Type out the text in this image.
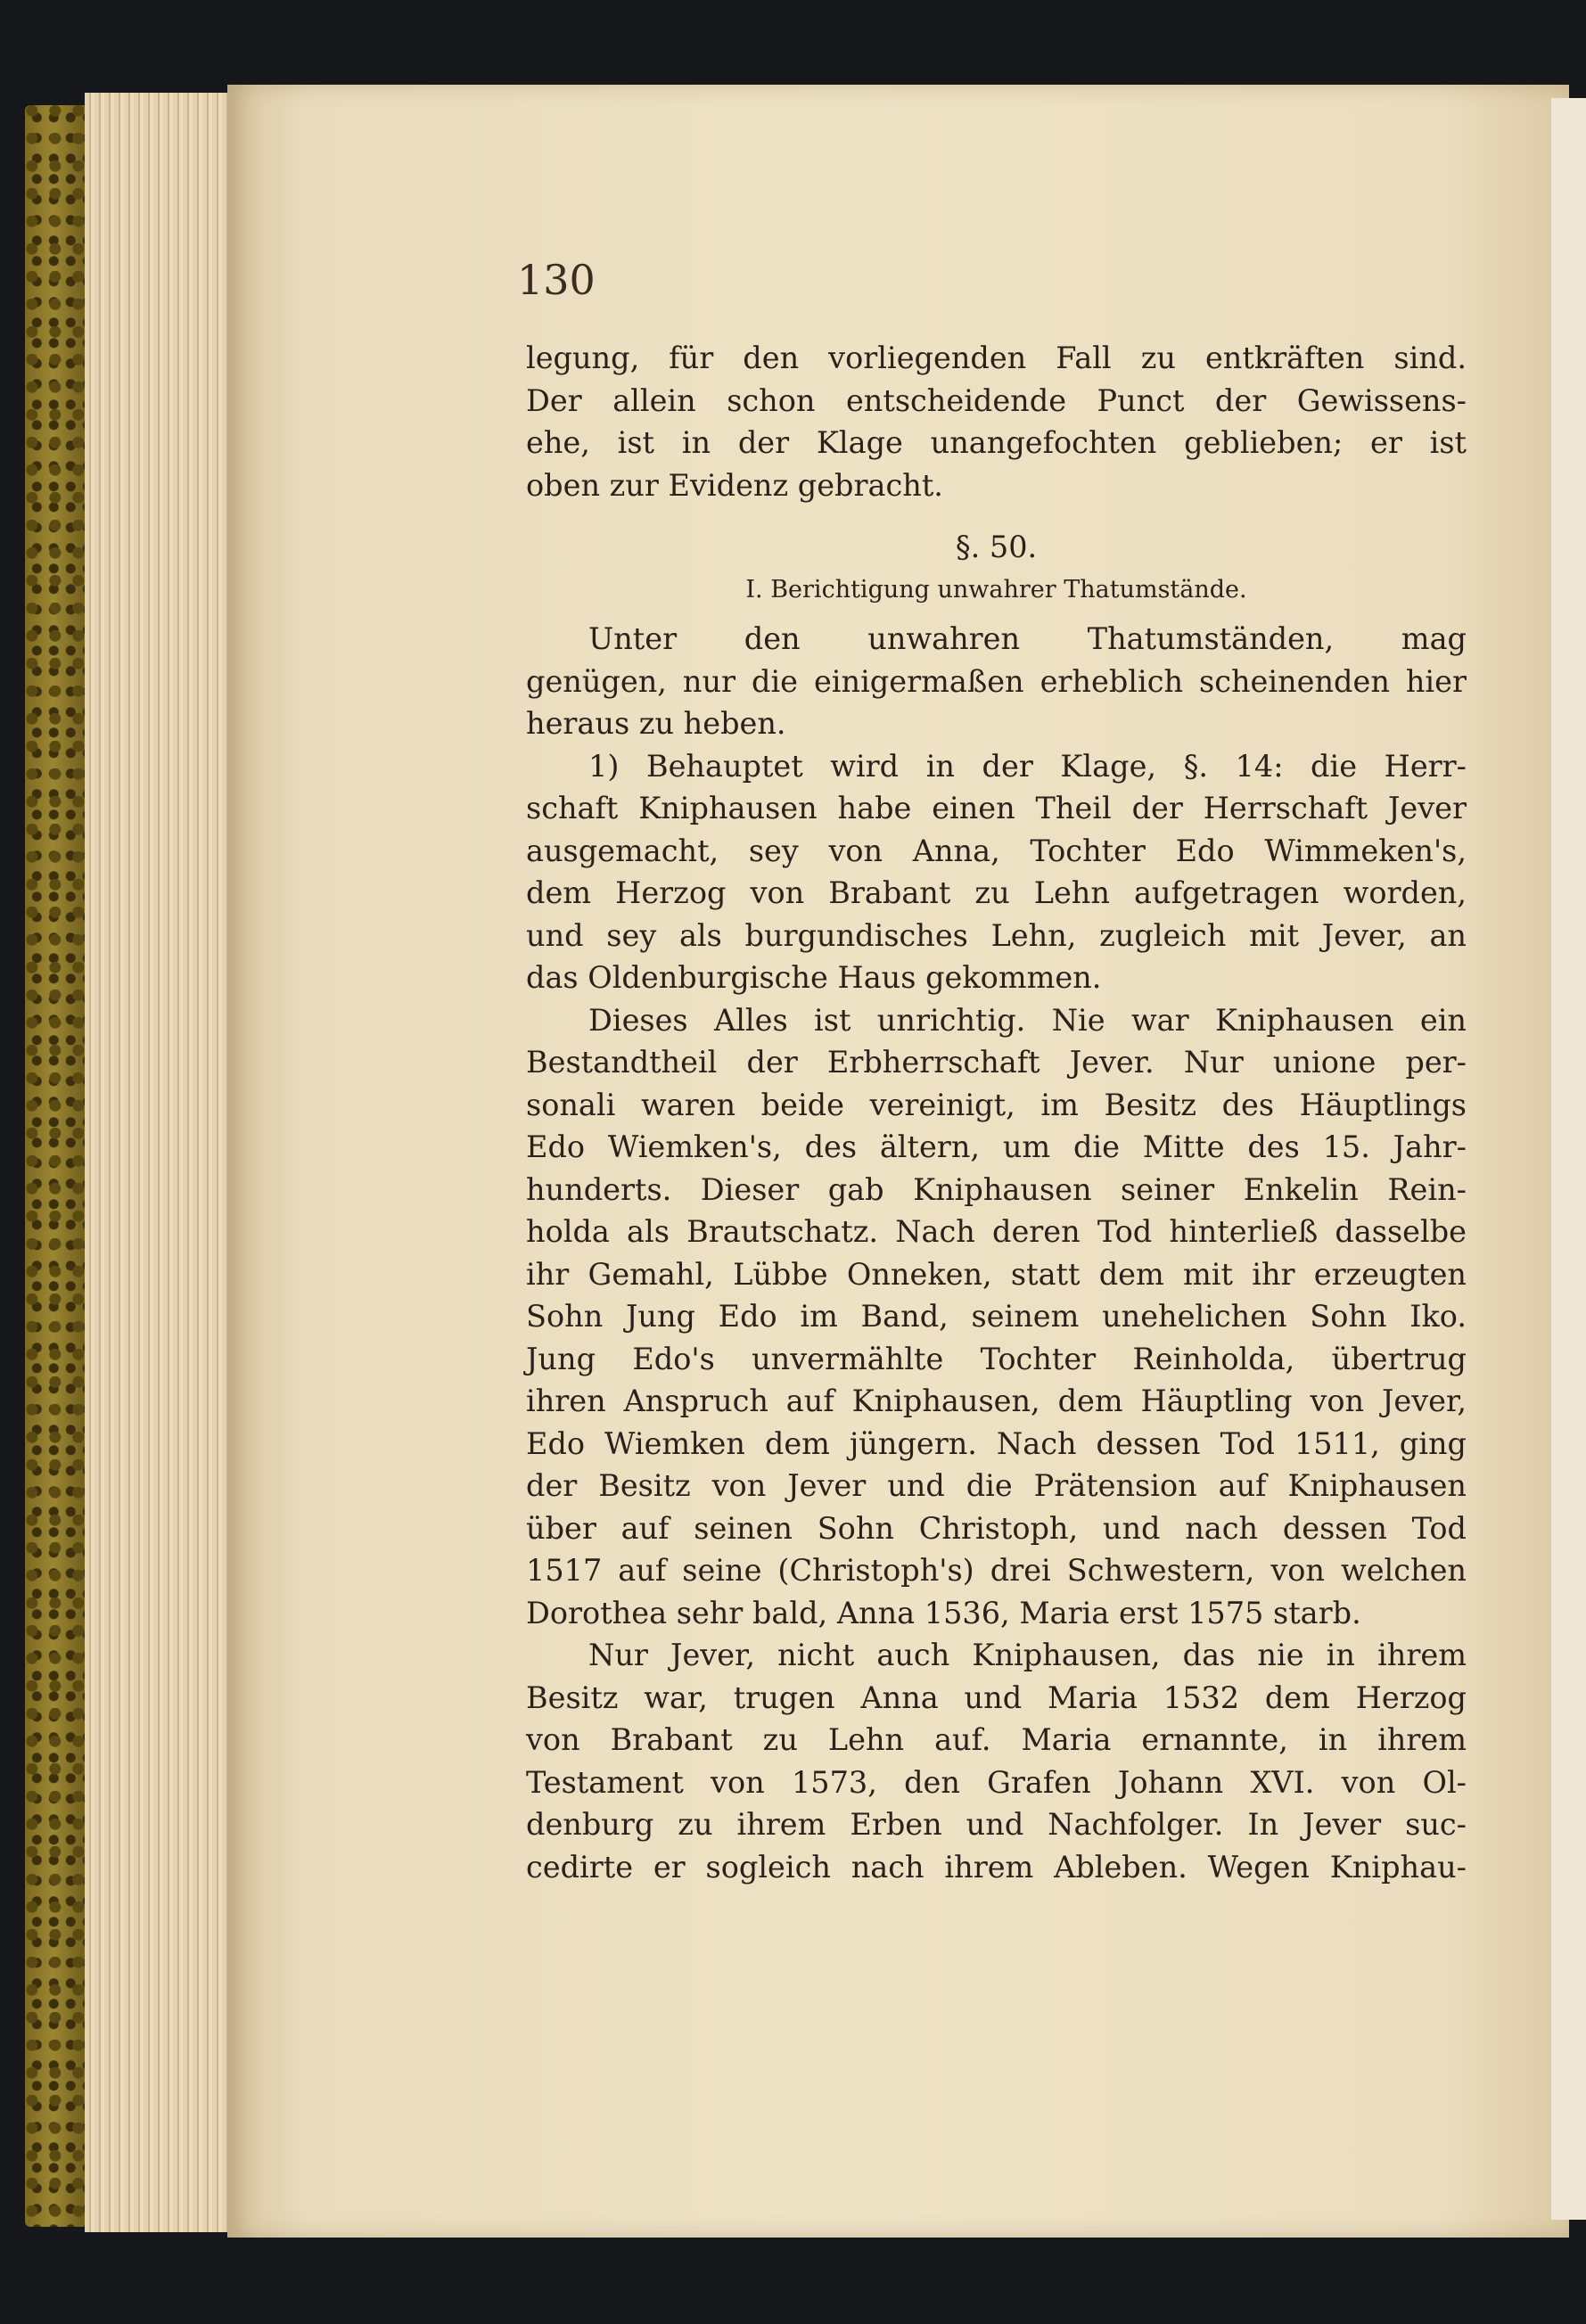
130
legung, für den vorliegenden Fall zu entkräften sind.
Der allein schon entscheidende Punct der Gewissens-
ehe, ist in der Klage unangefochten geblieben; er ist
oben zur Evidenz gebracht.
§. 50.
I. Berichtigung unwahrer Thatumstände.
Unter den unwahren Thatumständen, mag
genügen, nur die einigermaßen erheblich scheinenden hier
heraus zu heben.
1) Behauptet wird in der Klage, §. 14: die Herr-
schaft Kniphausen habe einen Theil der Herrschaft Jever
ausgemacht, sey von Anna, Tochter Edo Wimmeken's,
dem Herzog von Brabant zu Lehn aufgetragen worden,
und sey als burgundisches Lehn, zugleich mit Jever, an
das Oldenburgische Haus gekommen.
Dieses Alles ist unrichtig. Nie war Kniphausen ein
Bestandtheil der Erbherrschaft Jever. Nur unione per-
sonali waren beide vereinigt, im Besitz des Häuptlings
Edo Wiemken's, des ältern, um die Mitte des 15. Jahr-
hunderts. Dieser gab Kniphausen seiner Enkelin Rein-
holda als Brautschatz. Nach deren Tod hinterließ dasselbe
ihr Gemahl, Lübbe Onneken, statt dem mit ihr erzeugten
Sohn Jung Edo im Band, seinem unehelichen Sohn Iko.
Jung Edo's unvermählte Tochter Reinholda, übertrug
ihren Anspruch auf Kniphausen, dem Häuptling von Jever,
Edo Wiemken dem jüngern. Nach dessen Tod 1511, ging
der Besitz von Jever und die Prätension auf Kniphausen
über auf seinen Sohn Christoph, und nach dessen Tod
1517 auf seine (Christoph's) drei Schwestern, von welchen
Dorothea sehr bald, Anna 1536, Maria erst 1575 starb.
Nur Jever, nicht auch Kniphausen, das nie in ihrem
Besitz war, trugen Anna und Maria 1532 dem Herzog
von Brabant zu Lehn auf. Maria ernannte, in ihrem
Testament von 1573, den Grafen Johann XVI. von Ol-
denburg zu ihrem Erben und Nachfolger. In Jever suc-
cedirte er sogleich nach ihrem Ableben. Wegen Kniphau-
